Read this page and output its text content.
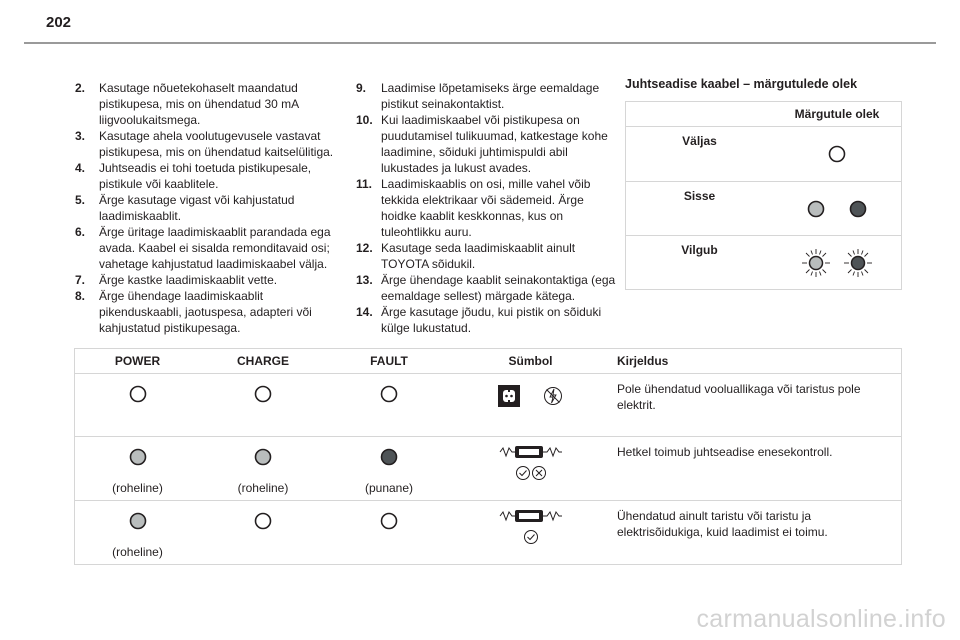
202
2.	Kasutage nõuetekohaselt maandatud pistikupesa, mis on ühendatud 30 mA liigvoolukaitsmega.
3.	Kasutage ahela voolutugevusele vastavat pistikupesa, mis on ühendatud kaitselülitiga.
4.	Juhtseadis ei tohi toetuda pistikupesale, pistikule või kaablitele.
5.	Ärge kasutage vigast või kahjustatud laadimiskaablit.
6.	Ärge üritage laadimiskaablit parandada ega avada. Kaabel ei sisalda remonditavaid osi; vahetage kahjustatud laadimiskaabel välja.
7.	Ärge kastke laadimiskaablit vette.
8.	Ärge ühendage laadimiskaablit pikenduskaabli, jaotuspesa, adapteri või kahjustatud pistikupesaga.
9.	Laadimise lõpetamiseks ärge eemaldage pistikut seinakontaktist.
10. Kui laadimiskaabel või pistikupesa on puudutamisel tulikuumad, katkestage kohe laadimine, sõiduki juhtimispuldi abil lukustades ja lukust avades.
11. Laadimiskaablis on osi, mille vahel võib tekkida elektrikaar või sädemeid. Ärge hoidke kaablit keskkonnas, kus on tuleohtlikku auru.
12. Kasutage seda laadimiskaablit ainult TOYOTA sõidukil.
13. Ärge ühendage kaablit seinakontaktiga (ega eemaldage sellest) märgade kätega.
14. Ärge kasutage jõudu, kui pistik on sõiduki külge lukustatud.
Juhtseadise kaabel – märgutulede olek
	Märgutule olek
Väljas	
Sisse	
Vilgub	
POWER	CHARGE	FAULT	Sümbol	Kirjeldus
				Pole ühendatud vooluallikaga või taristus pole elektrit.

(roheline)	(roheline)	(punane)		Hetkel toimub juhtseadise enesekontroll.

(roheline)				Ühendatud ainult taristu või taristu ja elektrisõidukiga, kuid laadimist ei toimu.
carmanualsonline.info
